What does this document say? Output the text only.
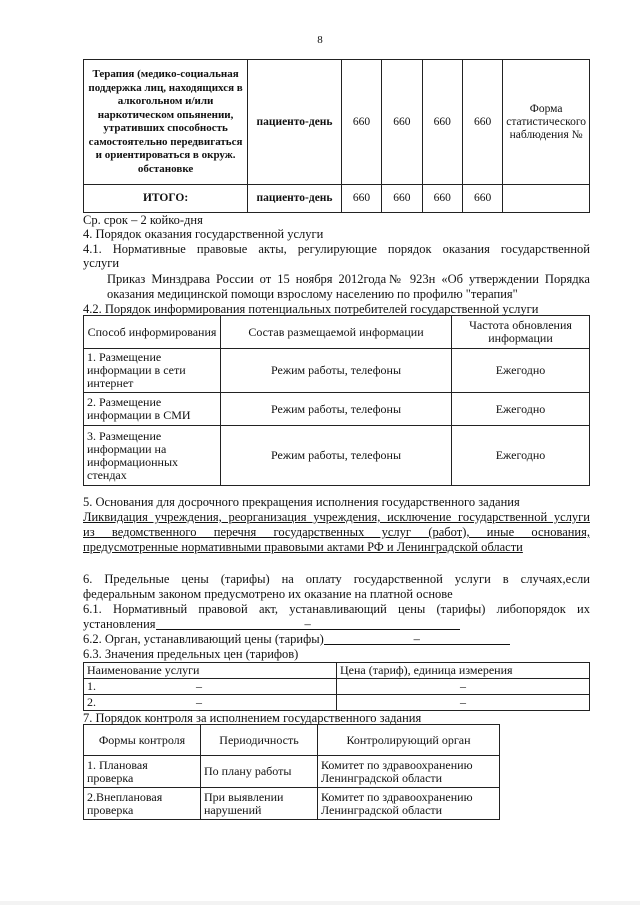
8
Терапия (медико-социальная поддержка лиц, находящихся в алкогольном и/или наркотическом опьянении, утративших способность самостоятельно передвигаться и ориентироваться в окруж. обстановке	пациенто-день	660	660	660	660	Форма статистического наблюдения №
ИТОГО:	пациенто-день	660	660	660	660	
Ср. срок – 2 койко-дня
4. Порядок оказания государственной услуги
4.1. Нормативные правовые акты, регулирующие порядок оказания государственной
услуги
Приказ Минздрава России от 15 ноября 2012года№ 923н «Об утверждении Порядка
оказания медицинской помощи взрослому населению по профилю "терапия"
4.2. Порядок информирования потенциальных потребителей государственной услуги
Способ информирования	Состав размещаемой информации	Частота обновления информации
1. Размещение информации в сети интернет	Режим работы, телефоны	Ежегодно
2. Размещение информации в СМИ	Режим работы, телефоны	Ежегодно
3. Размещение информации на информационных стендах	Режим работы, телефоны	Ежегодно
5. Основания для досрочного прекращения исполнения государственного задания
Ликвидация учреждения, реорганизация учреждения, исключение государственной услуги
из ведомственного перечня государственных услуг (работ), иные основания,
предусмотренные нормативными правовыми актами РФ и Ленинградской области
6. Предельные цены (тарифы) на оплату государственной услуги в случаях,если
федеральным законом предусмотрено их оказание на платной основе
6.1. Нормативный правовой акт, устанавливающий цены (тарифы) либопорядок их
установления	–
6.2. Орган, устанавливающий цены (тарифы)	–
6.3. Значения предельных цен (тарифов)
Наименование услуги	Цена (тариф), единица измерения
1. –	–
2. –	–
7. Порядок контроля за исполнением государственного задания
Формы контроля	Периодичность	Контролирующий орган
1. Плановая проверка	По плану работы	Комитет по здравоохранению Ленинградской области
2.Внеплановая проверка	При выявлении нарушений	Комитет по здравоохранению Ленинградской области
